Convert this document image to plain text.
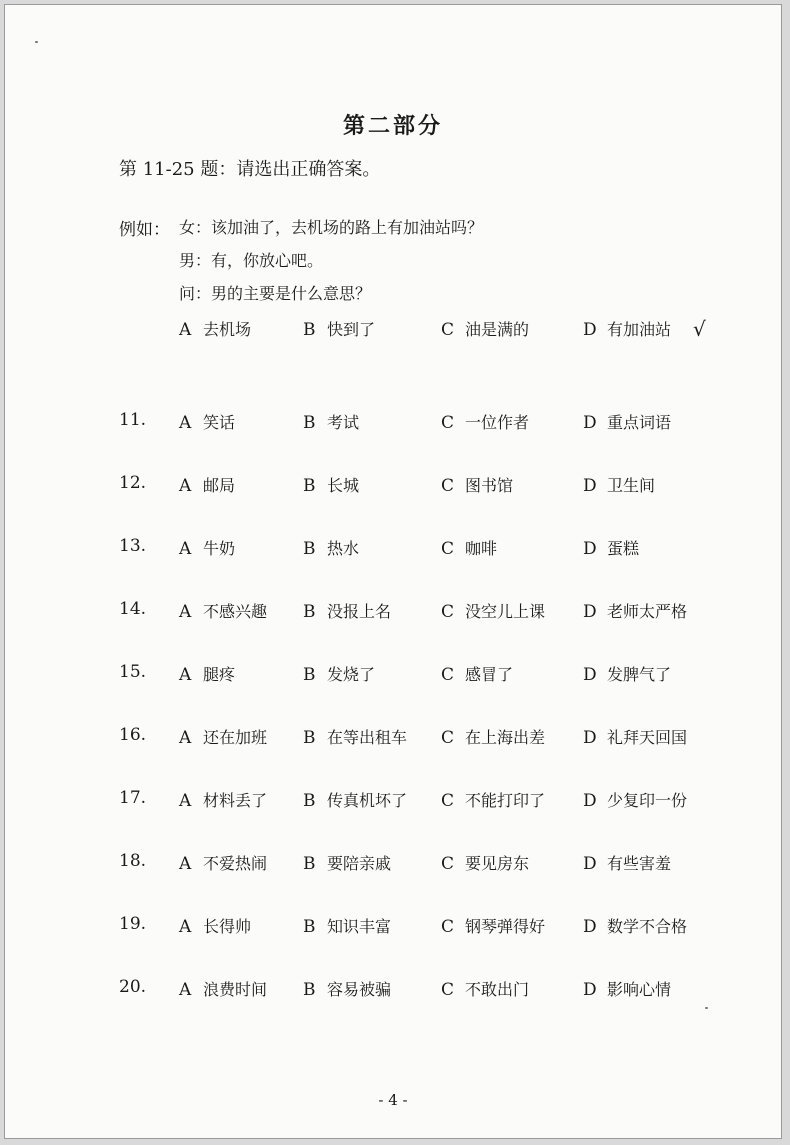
第二部分
第 11-25 题：请选出正确答案。
例如： 女：该加油了，去机场的路上有加油站吗？
男：有，你放心吧。
问：男的主要是什么意思？
A 去机场	B 快到了	C 油是满的	D 有加油站 √
11. A 笑话	B 考试	C 一位作者	D 重点词语
12. A 邮局	B 长城	C 图书馆	D 卫生间
13. A 牛奶	B 热水	C 咖啡	D 蛋糕
14. A 不感兴趣 B 没报上名	C 没空儿上课 D 老师太严格
15. A 腿疼	B 发烧了	C 感冒了	D 发脾气了
16. A 还在加班 B 在等出租车 C 在上海出差 D 礼拜天回国
17. A 材料丢了 B 传真机坏了 C 不能打印了 D 少复印一份
18. A 不爱热闹 B 要陪亲戚	C 要见房东	D 有些害羞
19. A 长得帅	B 知识丰富	C 钢琴弹得好 D 数学不合格
20. A 浪费时间 B 容易被骗	C 不敢出门	D 影响心情
- 4 -
